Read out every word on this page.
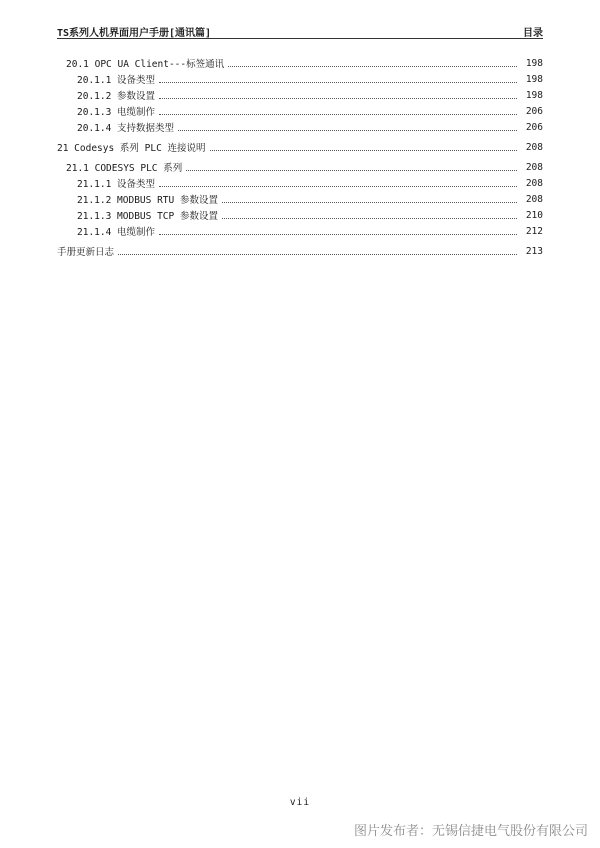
TS系列人机界面用户手册[通讯篇]	目录
20.1 OPC UA Client---标签通讯	198
20.1.1 设备类型	198
20.1.2 参数设置	198
20.1.3 电缆制作	206
20.1.4 支持数据类型	206
21 Codesys 系列 PLC 连接说明	208
21.1 CODESYS PLC 系列	208
21.1.1 设备类型	208
21.1.2 MODBUS RTU 参数设置	208
21.1.3 MODBUS TCP 参数设置	210
21.1.4 电缆制作	212
手册更新日志	213
vii
图片发布者：无锡信捷电气股份有限公司
